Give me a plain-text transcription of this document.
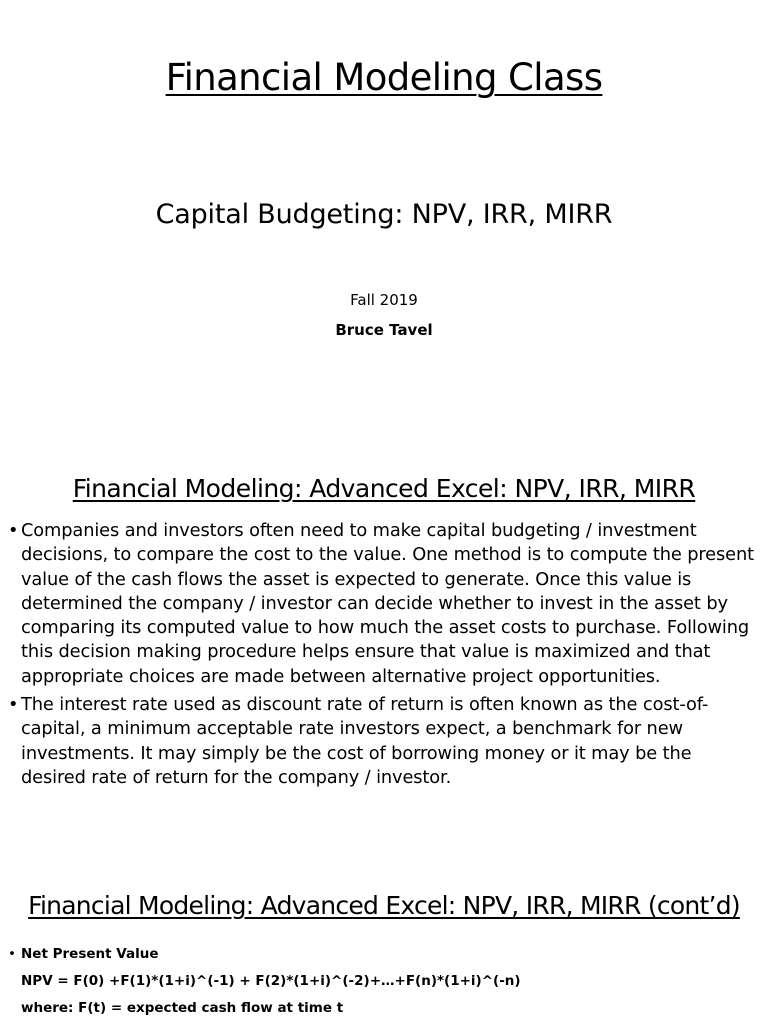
Financial Modeling Class
Capital Budgeting: NPV, IRR, MIRR
Fall 2019
Bruce Tavel
Financial Modeling: Advanced Excel: NPV, IRR, MIRR
• Companies and investors often need to make capital budgeting / investment decisions, to compare the cost to the value. One method is to compute the present value of the cash flows the asset is expected to generate. Once this value is determined the company / investor can decide whether to invest in the asset by comparing its computed value to how much the asset costs to purchase. Following this decision making procedure helps ensure that value is maximized and that appropriate choices are made between alternative project opportunities.
• The interest rate used as discount rate of return is often known as the cost-of-capital, a minimum acceptable rate investors expect, a benchmark for new investments. It may simply be the cost of borrowing money or it may be the desired rate of return for the company / investor.
Financial Modeling: Advanced Excel: NPV, IRR, MIRR (cont’d)
• Net Present Value
NPV = F(0) +F(1)*(1+i)^(-1) + F(2)*(1+i)^(-2)+…+F(n)*(1+i)^(-n)
where: F(t) = expected cash flow at time t
